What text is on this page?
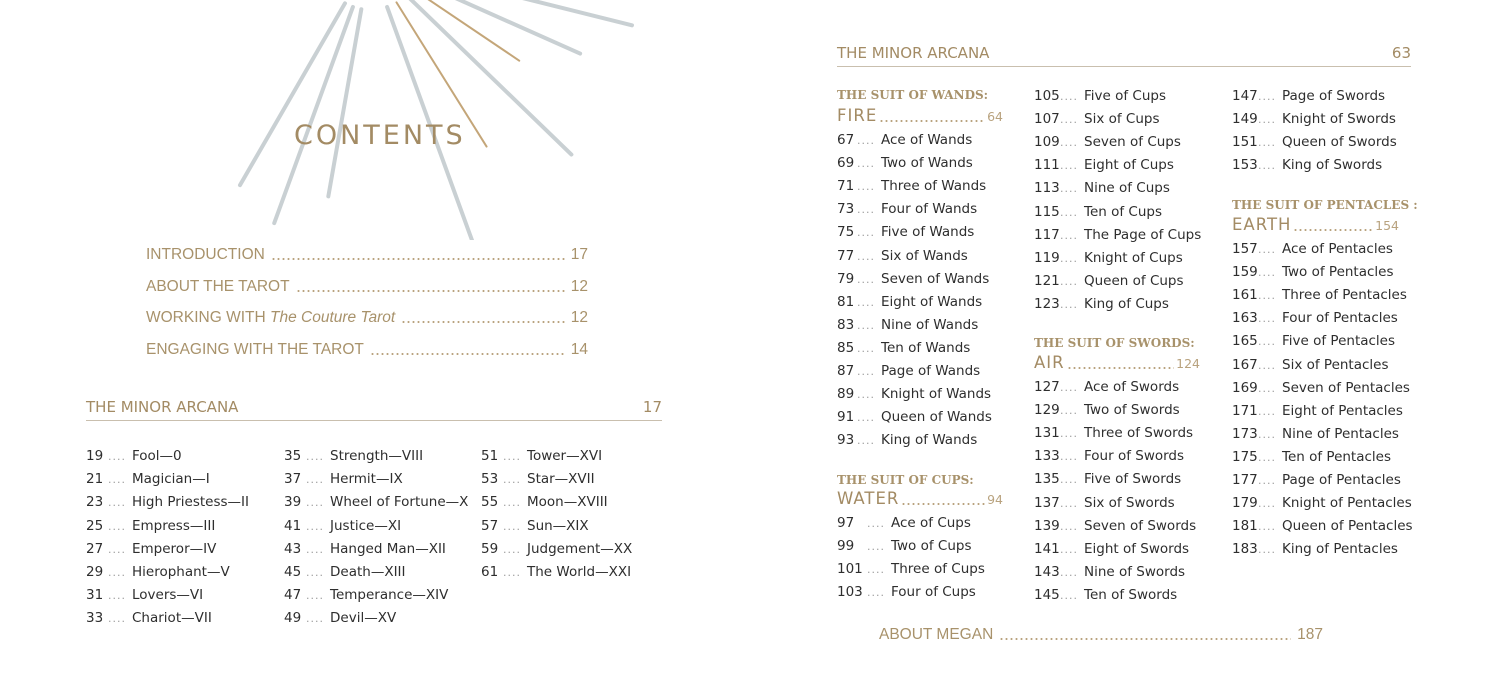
CONTENTS
INTRODUCTION	17
ABOUT THE TAROT	12
WORKING WITH The Couture Tarot	12
ENGAGING WITH THE TAROT	14
THE MINOR ARCANA	17
19 .... Fool—0
21 .... Magician—I
23 .... High Priestess—II
25 .... Empress—III
27 .... Emperor—IV
29 .... Hierophant—V
31 .... Lovers—VI
33 .... Chariot—VII
35 .... Strength—VIII
37 .... Hermit—IX
39 .... Wheel of Fortune—X
41 .... Justice—XI
43 .... Hanged Man—XII
45 .... Death—XIII
47 .... Temperance—XIV
49 .... Devil—XV
51 .... Tower—XVI
53 .... Star—XVII
55 .... Moon—XVIII
57 .... Sun—XIX
59 .... Judgement—XX
61 .... The World—XXI
THE MINOR ARCANA	63
THE SUIT OF WANDS:
FIRE	64
THE SUIT OF CUPS:
WATER	94
THE SUIT OF SWORDS:
AIR	124
THE SUIT OF PENTACLES :
EARTH	154
67 .... Ace of Wands
69 .... Two of Wands
71 .... Three of Wands
73 .... Four of Wands
75 .... Five of Wands
77 .... Six of Wands
79 .... Seven of Wands
81 .... Eight of Wands
83 .... Nine of Wands
85 .... Ten of Wands
87 .... Page of Wands
89 .... Knight of Wands
91 .... Queen of Wands
93 .... King of Wands
97 .... Ace of Cups
99 .... Two of Cups
101 .... Three of Cups
103 .... Four of Cups
105.... Five of Cups
107.... Six of Cups
109.... Seven of Cups
111.... Eight of Cups
113.... Nine of Cups
115.... Ten of Cups
117.... The Page of Cups
119.... Knight of Cups
121.... Queen of Cups
123.... King of Cups
127.... Ace of Swords
129.... Two of Swords
131.... Three of Swords
133.... Four of Swords
135.... Five of Swords
137.... Six of Swords
139.... Seven of Swords
141.... Eight of Swords
143.... Nine of Swords
145.... Ten of Swords
147.... Page of Swords
149.... Knight of Swords
151.... Queen of Swords
153.... King of Swords
157.... Ace of Pentacles
159.... Two of Pentacles
161.... Three of Pentacles
163.... Four of Pentacles
165.... Five of Pentacles
167.... Six of Pentacles
169.... Seven of Pentacles
171.... Eight of Pentacles
173.... Nine of Pentacles
175.... Ten of Pentacles
177.... Page of Pentacles
179.... Knight of Pentacles
181.... Queen of Pentacles
183.... King of Pentacles
ABOUT MEGAN	187
